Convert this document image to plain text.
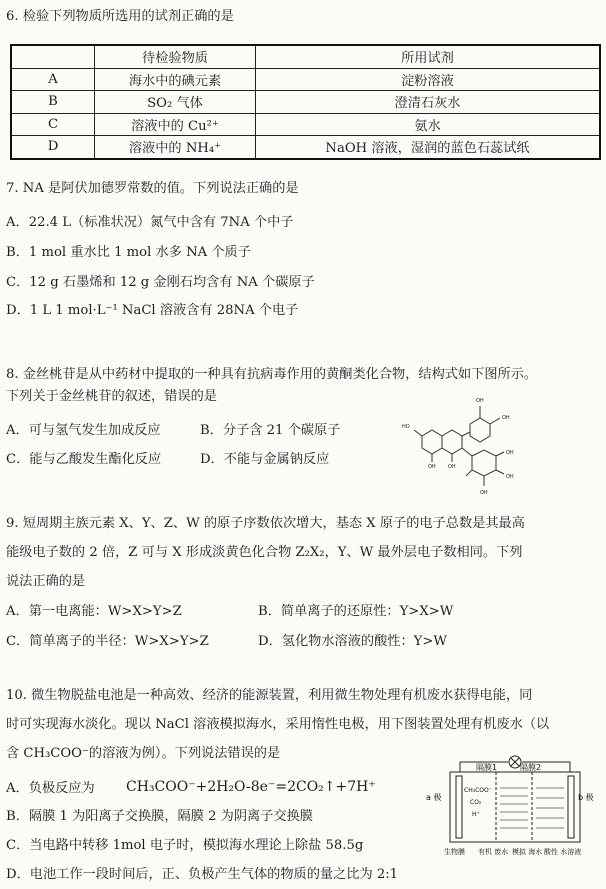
6. 检验下列物质所选用的试剂正确的是
	待检验物质	所用试剂
A	海水中的碘元素	淀粉溶液
B	SO₂ 气体	澄清石灰水
C	溶液中的 Cu²⁺	氨水
D	溶液中的 NH₄⁺	NaOH 溶液，湿润的蓝色石蕊试纸
7. NA 是阿伏加德罗常数的值。下列说法正确的是
A．22.4 L（标准状况）氮气中含有 7NA 个中子
B．1 mol 重水比 1 mol 水多 NA 个质子
C．12 g 石墨烯和 12 g 金刚石均含有 NA 个碳原子
D．1 L 1 mol·L⁻¹ NaCl 溶液含有 28NA 个电子
8. 金丝桃苷是从中药材中提取的一种具有抗病毒作用的黄酮类化合物，结构式如下图所示。
下列关于金丝桃苷的叙述，错误的是
A．可与氢气发生加成反应	B．分子含 21 个碳原子
C．能与乙酸发生酯化反应	D．不能与金属钠反应
OH
OH
HO
OH OH
OH
OH
OH
9. 短周期主族元素 X、Y、Z、W 的原子序数依次增大，基态 X 原子的电子总数是其最高
能级电子数的 2 倍，Z 可与 X 形成淡黄色化合物 Z₂X₂，Y、W 最外层电子数相同。下列
说法正确的是
A．第一电离能：W>X>Y>Z	B．简单离子的还原性：Y>X>W
C．简单离子的半径：W>X>Y>Z	D．氢化物水溶液的酸性：Y>W
10. 微生物脱盐电池是一种高效、经济的能源装置，利用微生物处理有机废水获得电能，同
时可实现海水淡化。现以 NaCl 溶液模拟海水，采用惰性电极，用下图装置处理有机废水（以
含 CH₃COO⁻的溶液为例）。下列说法错误的是
A．负极反应为 CH₃COO⁻+2H₂O-8e⁻=2CO₂↑+7H⁺
B．隔膜 1 为阳离子交换膜，隔膜 2 为阴离子交换膜
C．当电路中转移 1mol 电子时，模拟海水理论上除盐 58.5g
D．电池工作一段时间后，正、负极产生气体的物质的量之比为 2:1
隔膜1	隔膜2
a 极	b 极
CH₃COO⁻
CO₂
H⁺
生物膜 有机 废水 模拟 海水 酸性 水溶液
